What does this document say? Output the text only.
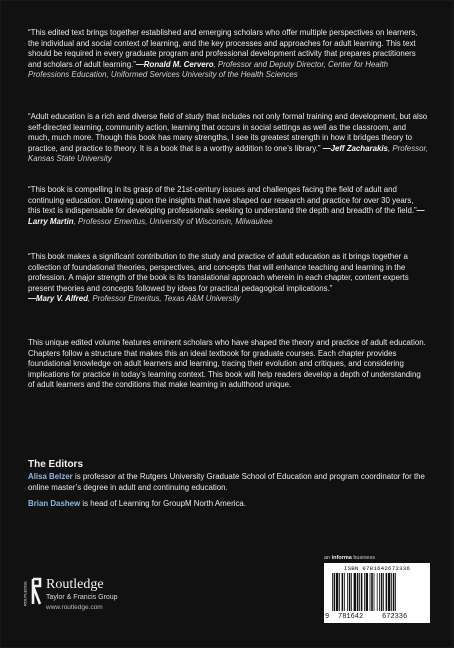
“This edited text brings together established and emerging scholars who offer multiple perspectives on learners, the individual and social context of learning, and the key processes and approaches for adult learning. This text should be required in every graduate program and professional development activity that prepares practitioners and scholars of adult learning.”—Ronald M. Cervero, Professor and Deputy Director, Center for Health Professions Education, Uniformed Services University of the Health Sciences

“Adult education is a rich and diverse field of study that includes not only formal training and development, but also self-directed learning, community action, learning that occurs in social settings as well as the classroom, and much, much more. Though this book has many strengths, I see its greatest strength in how it bridges theory to practice, and practice to theory. It is a book that is a worthy addition to one’s library.” —Jeff Zacharakis, Professor, Kansas State University

“This book is compelling in its grasp of the 21st-century issues and challenges facing the field of adult and continuing education. Drawing upon the insights that have shaped our research and practice for over 30 years, this text is indispensable for developing professionals seeking to understand the depth and breadth of the field.”—Larry Martin, Professor Emeritus, University of Wisconsin, Milwaukee

“This book makes a significant contribution to the study and practice of adult education as it brings together a collection of foundational theories, perspectives, and concepts that will enhance teaching and learning in the profession. A major strength of the book is its translational approach wherein in each chapter, content experts present theories and concepts followed by ideas for practical pedagogical implications.”
—Mary V. Alfred, Professor Emeritus, Texas A&M University

This unique edited volume features eminent scholars who have shaped the theory and practice of adult education. Chapters follow a structure that makes this an ideal textbook for graduate courses. Each chapter provides foundational knowledge on adult learners and learning, tracing their evolution and critiques, and considering implications for practice in today’s learning context. This book will help readers develop a depth of understanding of adult learners and the conditions that make learning in adulthood unique.

The Editors

Alisa Belzer is professor at the Rutgers University Graduate School of Education and program coordinator for the online master’s degree in adult and continuing education.

Brian Dashew is head of Learning for GroupM North America.

ROUTLEDGE Routledge
Taylor & Francis Group
www.routledge.com
an informa business
ISBN 9781642672336
9 781642	672336
